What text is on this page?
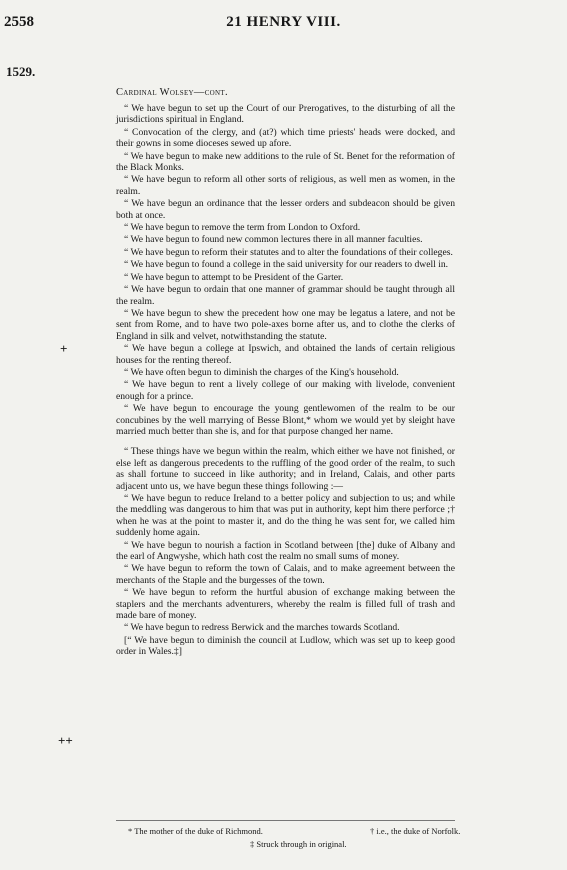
2558	21 HENRY VIII.
1529.
+
++
Cardinal Wolsey—cont.

“ We have begun to set up the Court of our Prerogatives, to the disturbing of all the jurisdictions spiritual in England.

“ Convocation of the clergy, and (at?) which time priests' heads were docked, and their gowns in some dioceses sewed up afore.

“ We have begun to make new additions to the rule of St. Benet for the reformation of the Black Monks.

“ We have begun to reform all other sorts of religious, as well men as women, in the realm.

“ We have begun an ordinance that the lesser orders and subdeacon should be given both at once.

“ We have begun to remove the term from London to Oxford.

“ We have begun to found new common lectures there in all manner faculties.

“ We have begun to reform their statutes and to alter the foundations of their colleges.

“ We have begun to found a college in the said university for our readers to dwell in.

“ We have begun to attempt to be President of the Garter.

“ We have begun to ordain that one manner of grammar should be taught through all the realm.

“ We have begun to shew the precedent how one may be legatus a latere, and not be sent from Rome, and to have two pole-axes borne after us, and to clothe the clerks of England in silk and velvet, notwithstanding the statute.

“ We have begun a college at Ipswich, and obtained the lands of certain religious houses for the renting thereof.

“ We have often begun to diminish the charges of the King's household.

“ We have begun to rent a lively college of our making with livelode, convenient enough for a prince.

“ We have begun to encourage the young gentlewomen of the realm to be our concubines by the well marrying of Besse Blont,* whom we would yet by sleight have married much better than she is, and for that purpose changed her name.

“ These things have we begun within the realm, which either we have not finished, or else left as dangerous precedents to the ruffling of the good order of the realm, to such as shall fortune to succeed in like authority; and in Ireland, Calais, and other parts adjacent unto us, we have begun these things following :—

“ We have begun to reduce Ireland to a better policy and subjection to us; and while the meddling was dangerous to him that was put in authority, kept him there perforce ;† when he was at the point to master it, and do the thing he was sent for, we called him suddenly home again.

“ We have begun to nourish a faction in Scotland between [the] duke of Albany and the earl of Angwyshe, which hath cost the realm no small sums of money.

“ We have begun to reform the town of Calais, and to make agreement between the merchants of the Staple and the burgesses of the town.

“ We have begun to reform the hurtful abusion of exchange making between the staplers and the merchants adventurers, whereby the realm is filled full of trash and made bare of money.

“ We have begun to redress Berwick and the marches towards Scotland.

[“ We have begun to diminish the council at Ludlow, which was set up to keep good order in Wales.‡]

* The mother of the duke of Richmond.	† i.e., the duke of Norfolk.
‡ Struck through in original.
